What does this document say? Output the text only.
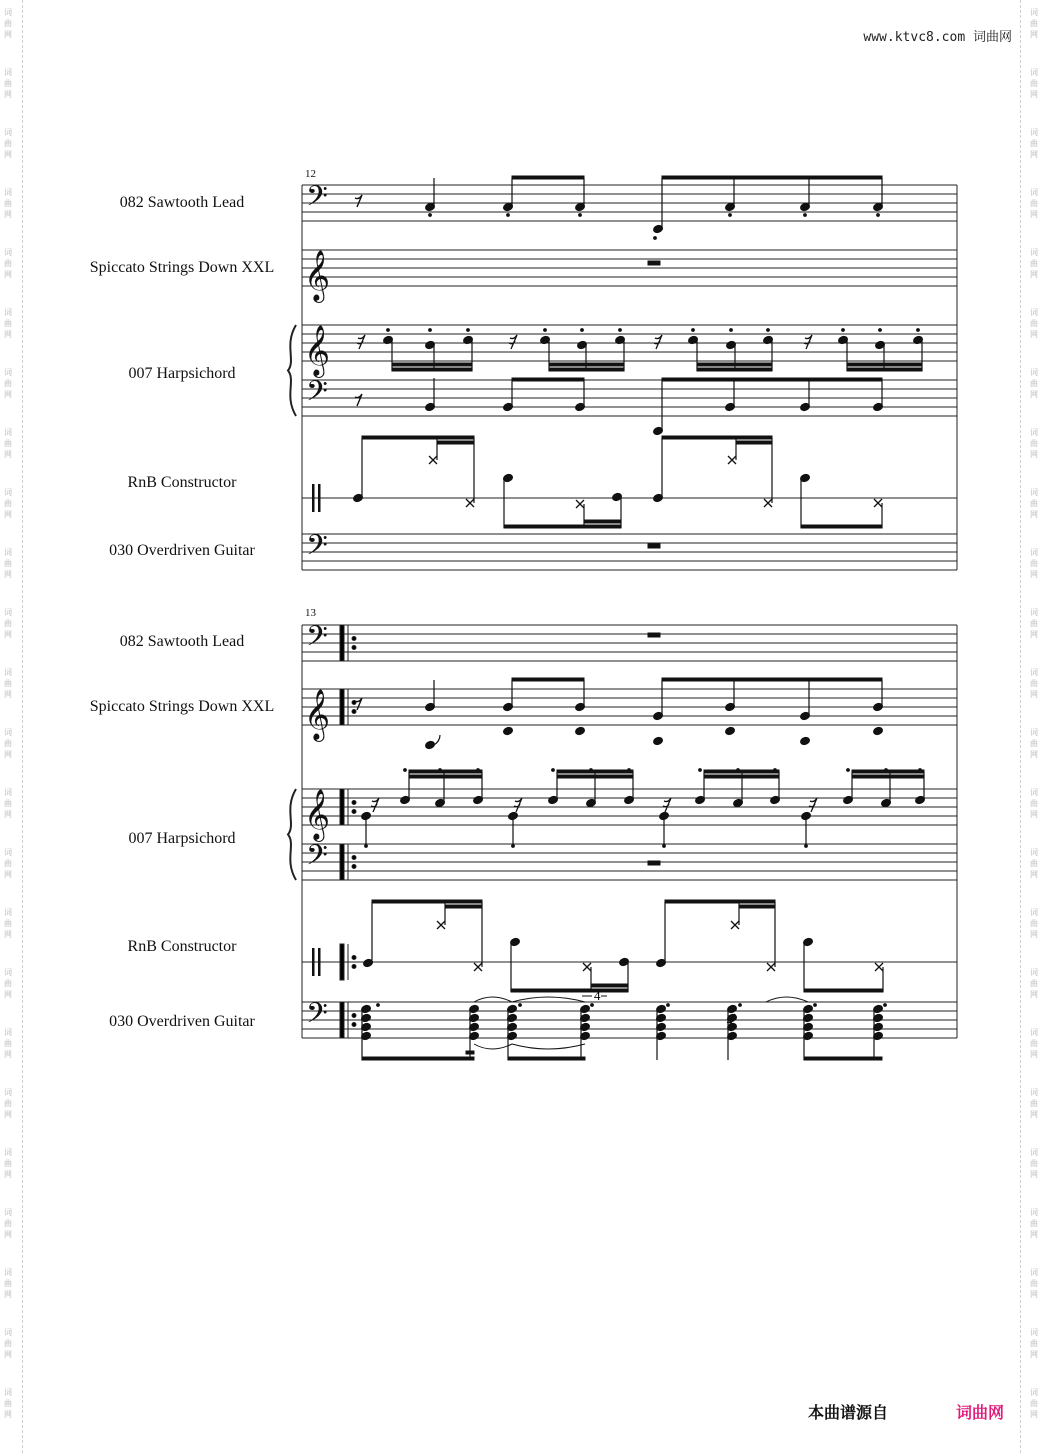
词
曲
网
词
曲
网
词
曲
网
词
曲
网
词
曲
网
词
曲
网
词
曲
网
词
曲
网
词
曲
网
词
曲
网
词
曲
网
词
曲
网
词
曲
网
词
曲
网
词
曲
网
词
曲
网
词
曲
网
词
曲
网
词
曲
网
词
曲
网
词
曲
网
词
曲
网
词
曲
网
词
曲
网
词
曲
网
词
曲
网
词
曲
网
词
曲
网
词
曲
网
词
曲
网
词
曲
网
词
曲
网
词
曲
网
词
曲
网
词
曲
网
词
曲
网
词
曲
网
词
曲
网
词
曲
网
词
曲
网
词
曲
网
词
曲
网
词
曲
网
词
曲
网
词
曲
网
词
曲
网
词
曲
网
词
曲
网
www.ktvc8.com 词曲网
12
082 Sawtooth Lead
Spiccato Strings Down XXL
007 Harpsichord
RnB Constructor
030 Overdriven Guitar
13
082 Sawtooth Lead
Spiccato Strings Down XXL
007 Harpsichord
RnB Constructor
030 Overdriven Guitar
𝄢
𝄞
𝄞
𝄢
𝄢
𝄢
𝄞
𝄞
𝄢
𝄢
4
本曲谱源自	词曲网
